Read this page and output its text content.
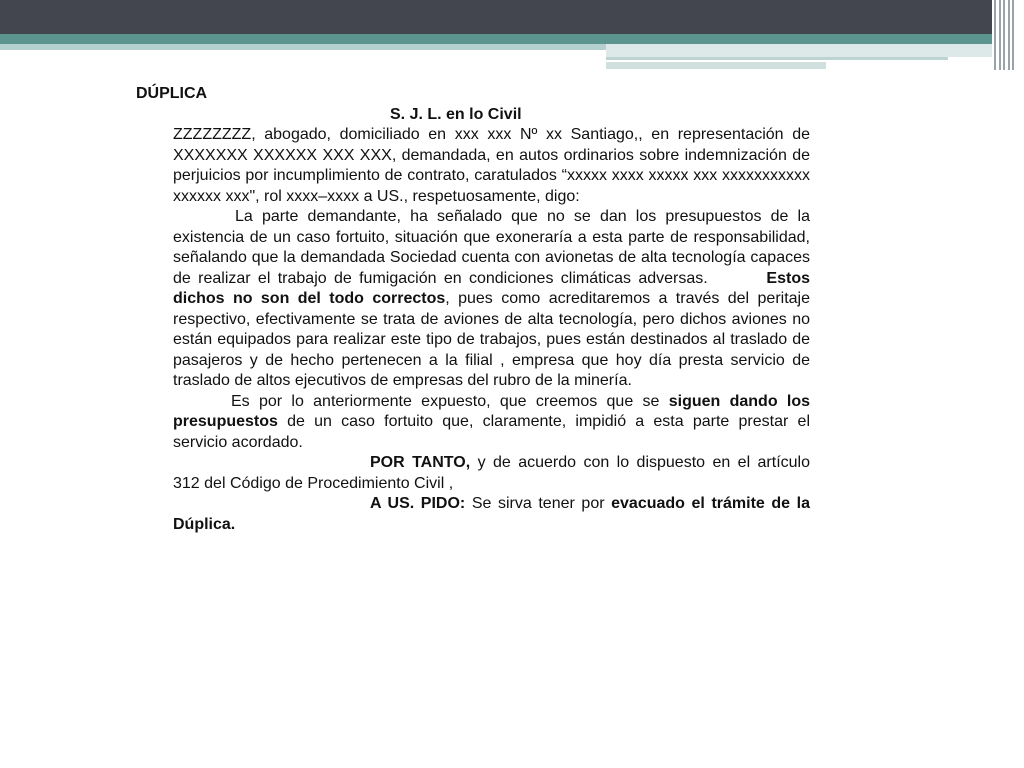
DÚPLICA

S. J. L. en lo Civil

ZZZZZZZZ, abogado, domiciliado en xxx xxx Nº xx Santiago,, en representación de XXXXXXX XXXXXX XXX XXX, demandada, en autos ordinarios sobre indemnización de perjuicios por incumplimiento de contrato, caratulados “xxxxx xxxx xxxxx xxx xxxxxxxxxxx xxxxxx xxx", rol xxxx–xxxx a US., respetuosamente, digo:

La parte demandante, ha señalado que no se dan los presupuestos de la existencia de un caso fortuito, situación que exoneraría a esta parte de responsabilidad, señalando que la demandada Sociedad cuenta con avionetas de alta tecnología capaces de realizar el trabajo de fumigación en condiciones climáticas adversas.	Estos dichos no son del todo correctos, pues como acreditaremos a través del peritaje respectivo, efectivamente se trata de aviones de alta tecnología, pero dichos aviones no están equipados para realizar este tipo de trabajos, pues están destinados al traslado de pasajeros y de hecho pertenecen a la filial , empresa que hoy día presta servicio de traslado de altos ejecutivos de empresas del rubro de la minería.

Es por lo anteriormente expuesto, que creemos que se siguen dando los presupuestos de un caso fortuito que, claramente, impidió a esta parte prestar el servicio acordado.

POR TANTO, y de acuerdo con lo dispuesto en el artículo 312 del Código de Procedimiento Civil ,

A US. PIDO: Se sirva tener por evacuado el trámite de la Dúplica.
